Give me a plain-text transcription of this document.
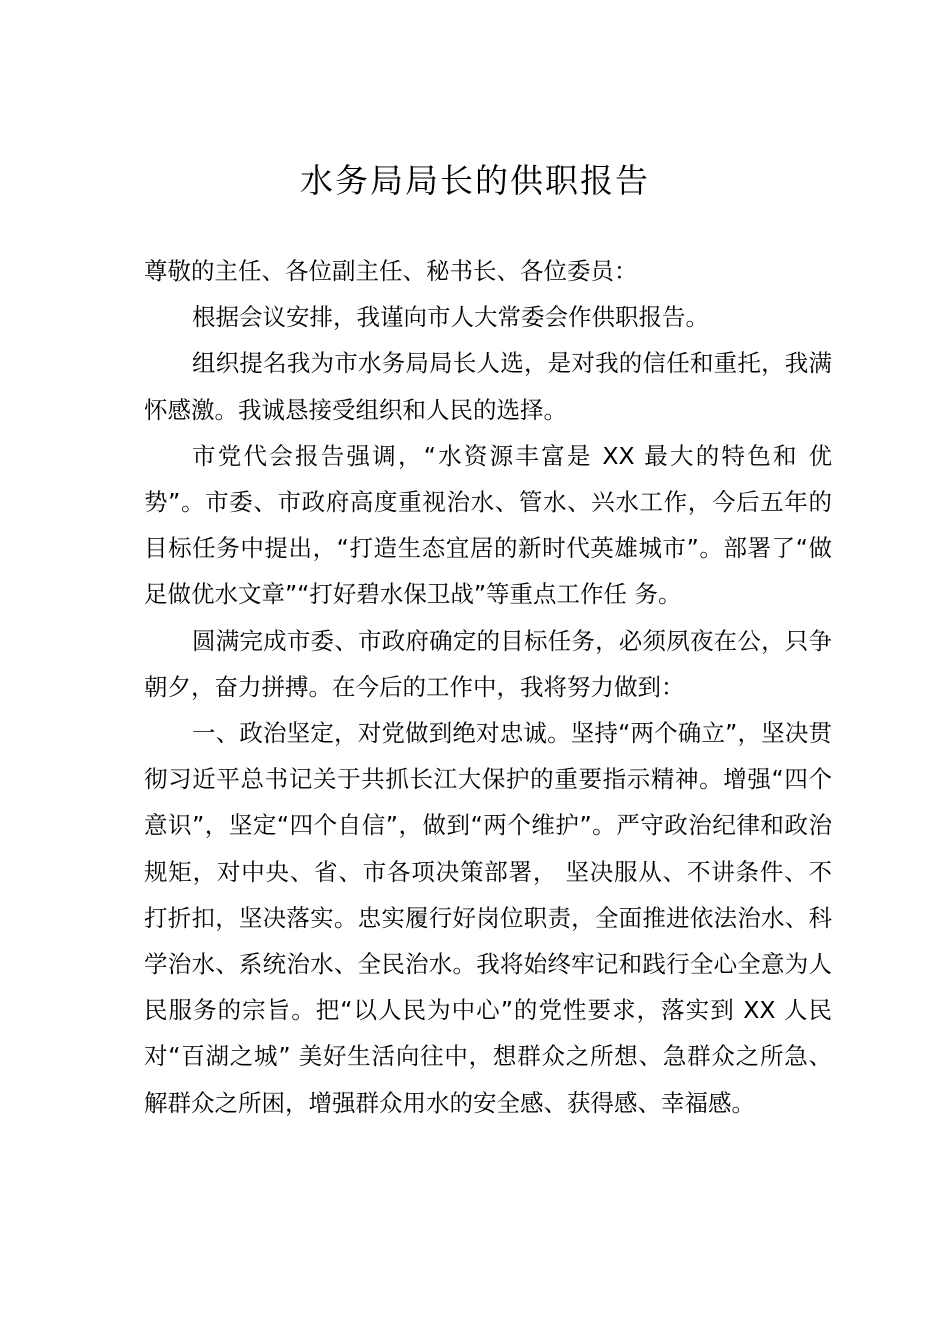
水务局局长的供职报告

尊敬的主任、各位副主任、秘书长、各位委员：

根据会议安排，我谨向市人大常委会作供职报告。

组织提名我为市水务局局长人选，是对我的信任和重托，我满怀感激。我诚恳接受组织和人民的选择。

市党代会报告强调，“水资源丰富是 XX 最大的特色和 优势”。市委、市政府高度重视治水、管水、兴水工作，今后五年的目标任务中提出，“打造生态宜居的新时代英雄城市”。部署了“做足做优水文章”“打好碧水保卫战”等重点工作任 务。

圆满完成市委、市政府确定的目标任务，必须夙夜在公，只争朝夕，奋力拼搏。在今后的工作中，我将努力做到：

一、政治坚定，对党做到绝对忠诚。坚持“两个确立”，坚决贯彻习近平总书记关于共抓长江大保护的重要指示精神。增强“四个意识”，坚定“四个自信”，做到“两个维护”。严守政治纪律和政治规矩，对中央、省、市各项决策部署， 坚决服从、不讲条件、不打折扣，坚决落实。忠实履行好岗位职责，全面推进依法治水、科学治水、系统治水、全民治水。我将始终牢记和践行全心全意为人民服务的宗旨。把“以人民为中心”的党性要求，落实到 XX 人民对“百湖之城” 美好生活向往中，想群众之所想、急群众之所急、解群众之所困，增强群众用水的安全感、获得感、幸福感。
